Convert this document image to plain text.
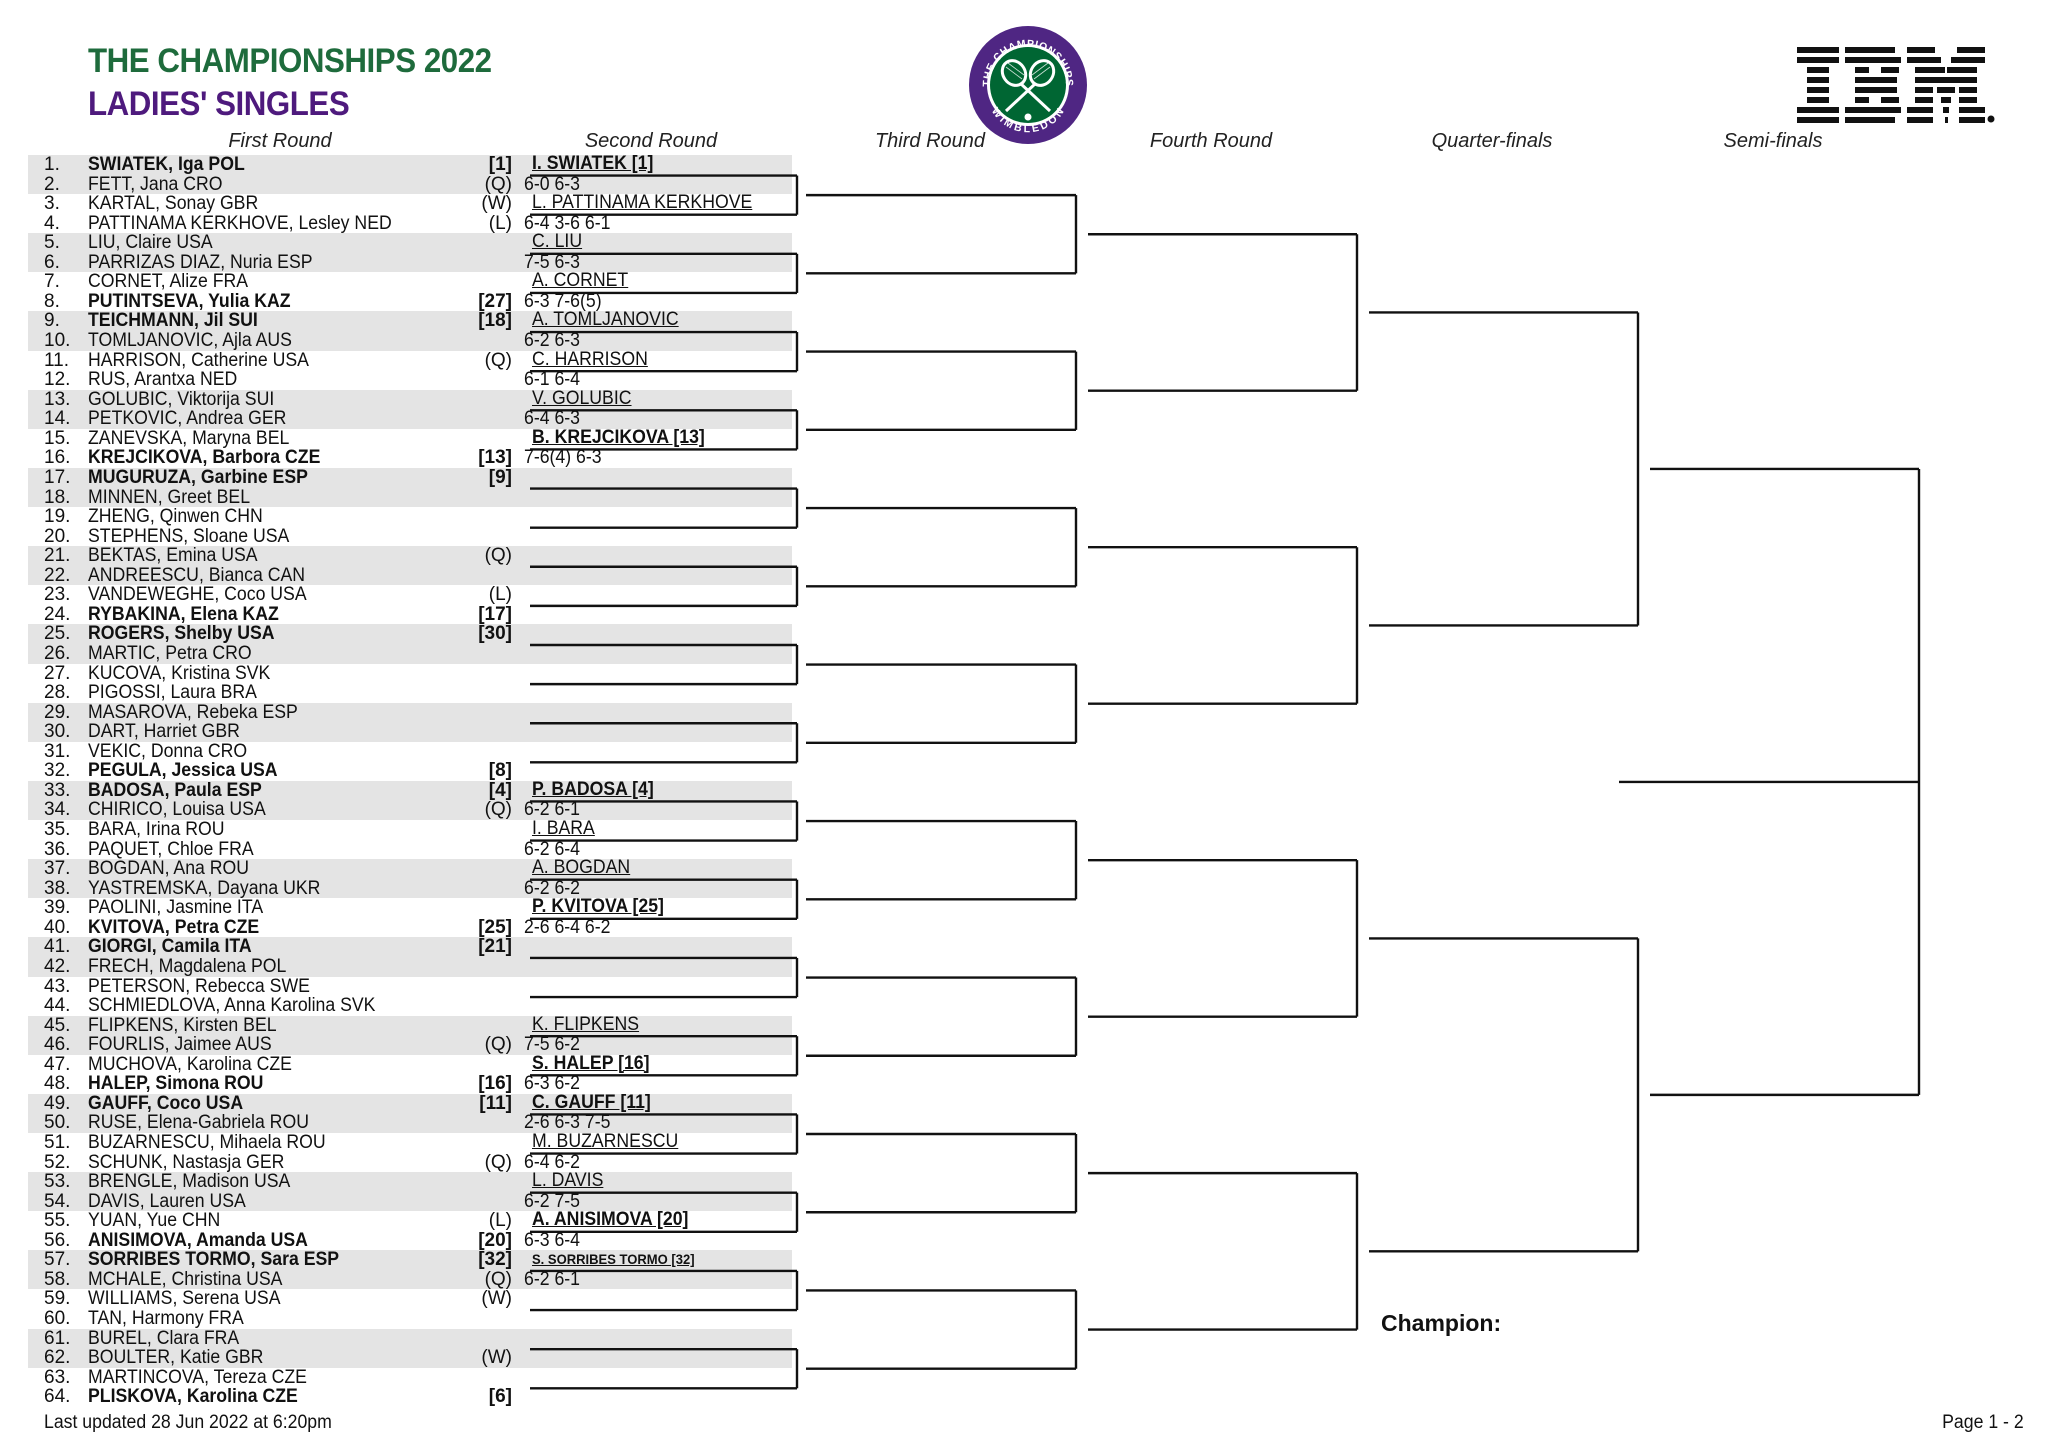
THE CHAMPIONSHIPS 2022
LADIES' SINGLES
THE CHAMPIONSHIPS
WIMBLEDON
First Round	Second Round	Third Round	Fourth Round	Quarter-finals	Semi-finals
1. SWIATEK, Iga POL	[1]
2. FETT, Jana CRO	(Q)
3. KARTAL, Sonay GBR	(W)
4. PATTINAMA KERKHOVE, Lesley NED	(L)
5. LIU, Claire USA
6. PARRIZAS DIAZ, Nuria ESP
7. CORNET, Alize FRA
8. PUTINTSEVA, Yulia KAZ	[27]
9. TEICHMANN, Jil SUI	[18]
10. TOMLJANOVIC, Ajla AUS
11. HARRISON, Catherine USA	(Q)
12. RUS, Arantxa NED
13. GOLUBIC, Viktorija SUI
14. PETKOVIC, Andrea GER
15. ZANEVSKA, Maryna BEL
16. KREJCIKOVA, Barbora CZE	[13]
17. MUGURUZA, Garbine ESP	[9]
18. MINNEN, Greet BEL
19. ZHENG, Qinwen CHN
20. STEPHENS, Sloane USA
21. BEKTAS, Emina USA	(Q)
22. ANDREESCU, Bianca CAN
23. VANDEWEGHE, Coco USA	(L)
24. RYBAKINA, Elena KAZ	[17]
25. ROGERS, Shelby USA	[30]
26. MARTIC, Petra CRO
27. KUCOVA, Kristina SVK
28. PIGOSSI, Laura BRA
29. MASAROVA, Rebeka ESP
30. DART, Harriet GBR
31. VEKIC, Donna CRO
32. PEGULA, Jessica USA	[8]
33. BADOSA, Paula ESP	[4]
34. CHIRICO, Louisa USA	(Q)
35. BARA, Irina ROU
36. PAQUET, Chloe FRA
37. BOGDAN, Ana ROU
38. YASTREMSKA, Dayana UKR
39. PAOLINI, Jasmine ITA
40. KVITOVA, Petra CZE	[25]
41. GIORGI, Camila ITA	[21]
42. FRECH, Magdalena POL
43. PETERSON, Rebecca SWE
44. SCHMIEDLOVA, Anna Karolina SVK
45. FLIPKENS, Kirsten BEL
46. FOURLIS, Jaimee AUS	(Q)
47. MUCHOVA, Karolina CZE
48. HALEP, Simona ROU	[16]
49. GAUFF, Coco USA	[11]
50. RUSE, Elena-Gabriela ROU
51. BUZARNESCU, Mihaela ROU
52. SCHUNK, Nastasja GER	(Q)
53. BRENGLE, Madison USA
54. DAVIS, Lauren USA
55. YUAN, Yue CHN	(L)
56. ANISIMOVA, Amanda USA	[20]
57. SORRIBES TORMO, Sara ESP	[32]
58. MCHALE, Christina USA	(Q)
59. WILLIAMS, Serena USA	(W)
60. TAN, Harmony FRA
61. BUREL, Clara FRA
62. BOULTER, Katie GBR	(W)
63. MARTINCOVA, Tereza CZE
64. PLISKOVA, Karolina CZE	[6]
I. SWIATEK [1]
6-0 6-3
L. PATTINAMA KERKHOVE
6-4 3-6 6-1
C. LIU
7-5 6-3
A. CORNET
6-3 7-6(5)
A. TOMLJANOVIC
6-2 6-3
C. HARRISON
6-1 6-4
V. GOLUBIC
6-4 6-3
B. KREJCIKOVA [13]
7-6(4) 6-3
P. BADOSA [4]
6-2 6-1
I. BARA
6-2 6-4
A. BOGDAN
6-2 6-2
P. KVITOVA [25]
2-6 6-4 6-2
K. FLIPKENS
7-5 6-2
S. HALEP [16]
6-3 6-2
C. GAUFF [11]
2-6 6-3 7-5
M. BUZARNESCU
6-4 6-2
L. DAVIS
6-2 7-5
A. ANISIMOVA [20]
6-3 6-4
S. SORRIBES TORMO [32]
6-2 6-1
Champion:
Last updated 28 Jun 2022 at 6:20pm	Page 1 - 2
